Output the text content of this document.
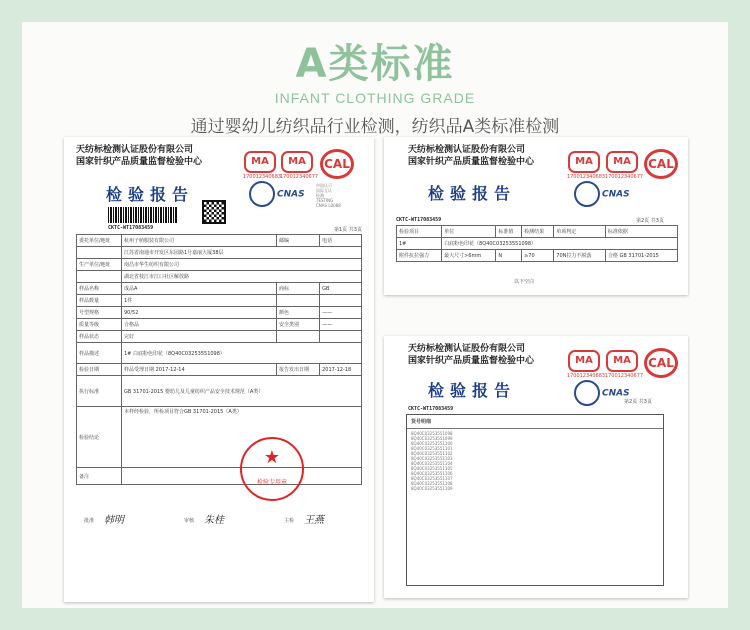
A类标准
INFANT CLOTHING GRADE
通过婴幼儿纺织品行业检测，纺织品A类标准检测
天纺标检测认证股份有限公司
国家针织产品质量监督检验中心	MA
170012340683
MA
170012340677
CAL
CNAS
中国认可
国际互认
检测
TESTING
CNAS L0088
检验报告
CKTC-WT17083459	第1页 共3页
委托单位/地址	杭州子萌服装有限公司	邮编	电话
	江苏省南通市开发区东园路1号嘉丽大厦38层		
生产单位/地址	南昌市华生纺织有限公司		
	湖北省枝江市江口社区解放路		
样品名称	成品A	商标	GB
样品数量	1件		
号型规格	90/52	颜色	——
质量等级	合格品	安全类别	——
样品状态	完好		
样品描述	1# 白底粉色印花（8Q40C03253551098）		
检验日期	样品受理日期 2017-12-14	报告发出日期	2017-12-18
执行标准	GB 31701-2015 婴幼儿及儿童纺织产品安全技术规范（A类）		
检验结论	本样经检验，所检项目符合GB 31701-2015（A类）		
备注			
★
检验专用章
批准	审核	主检
韩明	朱桂	王燕
天纺标检测认证股份有限公司
国家针织产品质量监督检验中心	MA
170012340683
MA
170012340677
CAL
CNAS
检验报告
CKTC-WT17083459	第2页 共3页
检验项目	单位	标准值	检测结果	单项判定	标准依据
1#	白底粉色印花（8Q40C03253551098）				
附件抗拉强力	最大尺寸>6mm	N	≥70	70N拉力不脱落	合格 GB 31701-2015
以下空白
天纺标检测认证股份有限公司
国家针织产品质量监督检验中心	MA
170012340683
MA
170012340677
CAL
CNAS
检验报告
第2页 共3页
CKTC-WT17083459
货号明细
8Q40C03253551098
8Q40C03253551099
8Q40C03253551100
8Q40C03253551101
8Q40C03253551102
8Q40C03253551103
8Q40C03253551104
8Q40C03253551105
8Q40C03253551106
8Q40C03253551107
8Q40C03253551108
8Q40C03253551109
